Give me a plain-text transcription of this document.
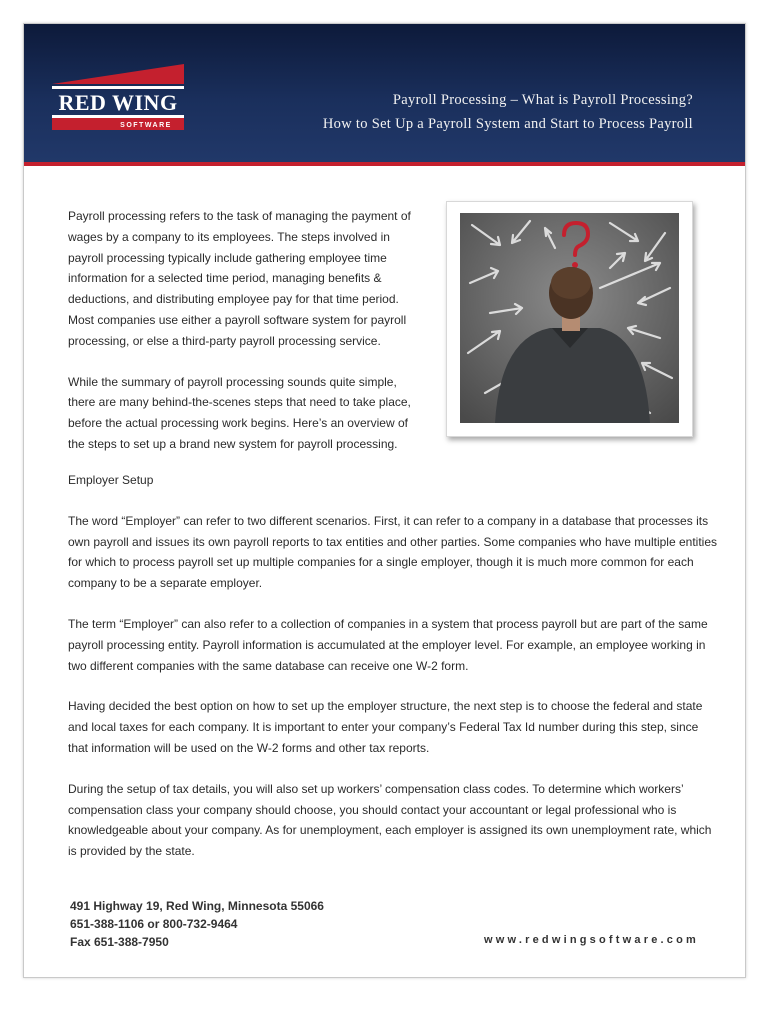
RED WING
SOFTWARE
Payroll Processing – What is Payroll Processing?
How to Set Up a Payroll System and Start to Process Payroll

Payroll processing refers to the task of managing the payment of wages by a company to its employees. The steps involved in payroll processing typically include gathering employee time information for a selected time period, managing benefits & deductions, and distributing employee pay for that time period. Most companies use either a payroll software system for payroll processing, or else a third-party payroll processing service.

While the summary of payroll processing sounds quite simple, there are many behind-the-scenes steps that need to take place, before the actual processing work begins. Here’s an overview of the steps to set up a brand new system for payroll processing.

Employer Setup

The word “Employer” can refer to two different scenarios. First, it can refer to a company in a database that processes its own payroll and issues its own payroll reports to tax entities and other parties. Some companies who have multiple entities for which to process payroll set up multiple companies for a single employer, though it is much more common for each company to be a separate employer.

The term “Employer” can also refer to a collection of companies in a system that process payroll but are part of the same payroll processing entity. Payroll information is accumulated at the employer level. For example, an employee working in two different companies with the same database can receive one W-2 form.

Having decided the best option on how to set up the employer structure, the next step is to choose the federal and state and local taxes for each company. It is important to enter your company’s Federal Tax Id number during this step, since that information will be used on the W-2 forms and other tax reports.

During the setup of tax details, you will also set up workers’ compensation class codes. To determine which workers’ compensation class your company should choose, you should contact your accountant or legal professional who is knowledgeable about your company. As for unemployment, each employer is assigned its own unemployment rate, which is provided by the state.

491 Highway 19, Red Wing, Minnesota 55066
651-388-1106 or 800-732-9464
Fax 651-388-7950	www.redwingsoftware.com
